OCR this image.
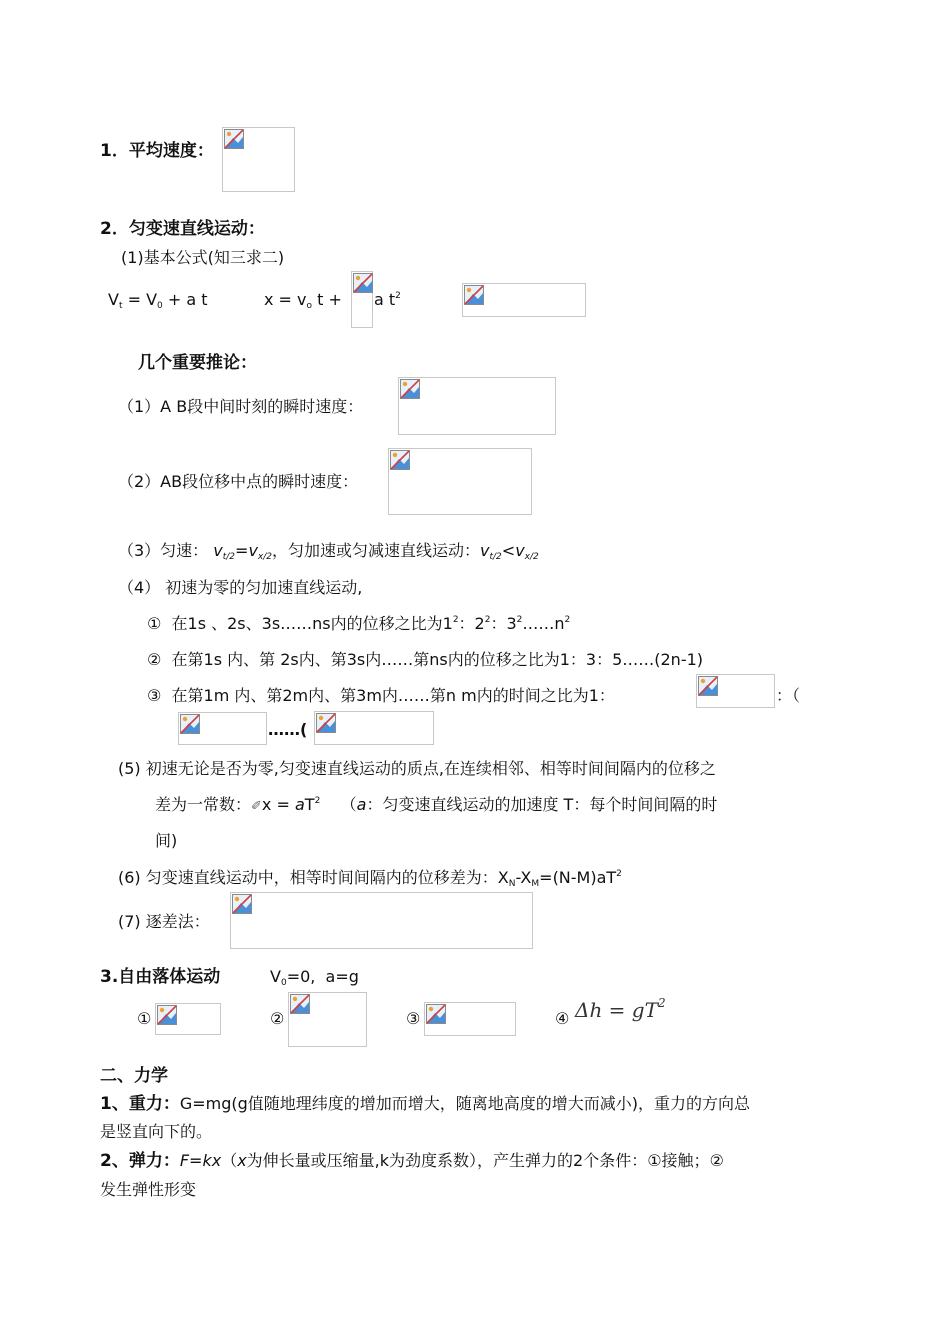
1．平均速度：
2．匀变速直线运动：
(1)基本公式(知三求二)
$V_t = V_0 + a$ t	$x = v_o$ t + a $t^2$
几个重要推论：
（1）A B段中间时刻的瞬时速度：
（2）AB段位移中点的瞬时速度：
（3）匀速： $v_{t/2}=v_{x/2}$，匀加速或匀减速直线运动：$v_{t/2}<v_{x/2}$
（4） 初速为零的匀加速直线运动,
① 在1s 、2s、3s……ns内的位移之比为$1^2$：$2^2$：$3^2\dots\dots n^2$
② 在第1s 内、第 2s内、第3s内……第ns内的位移之比为1：3：5……(2n-1)
③ 在第1m 内、第2m内、第3m内……第n m内的时间之比为1：	：（
……(
(5) 初速无论是否为零,匀变速直线运动的质点,在连续相邻、相等时间间隔内的位移之
差为一常数：✐x = $aT^2$ （a：匀变速直线运动的加速度 T：每个时间间隔的时
间)
(6) 匀变速直线运动中，相等时间间隔内的位移差为：$X_N-X_M=(N-M)aT^2$
(7) 逐差法：
3.自由落体运动	$V_0=0$, a=g
①	②	③	④ $\Delta h = gT^2$
二、力学
1、重力：G=mg(g值随地理纬度的增加而增大，随离地高度的增大而减小)，重力的方向总
是竖直向下的。
2、弹力：F=kx（x为伸长量或压缩量,k为劲度系数），产生弹力的2个条件：①接触；②
发生弹性形变
